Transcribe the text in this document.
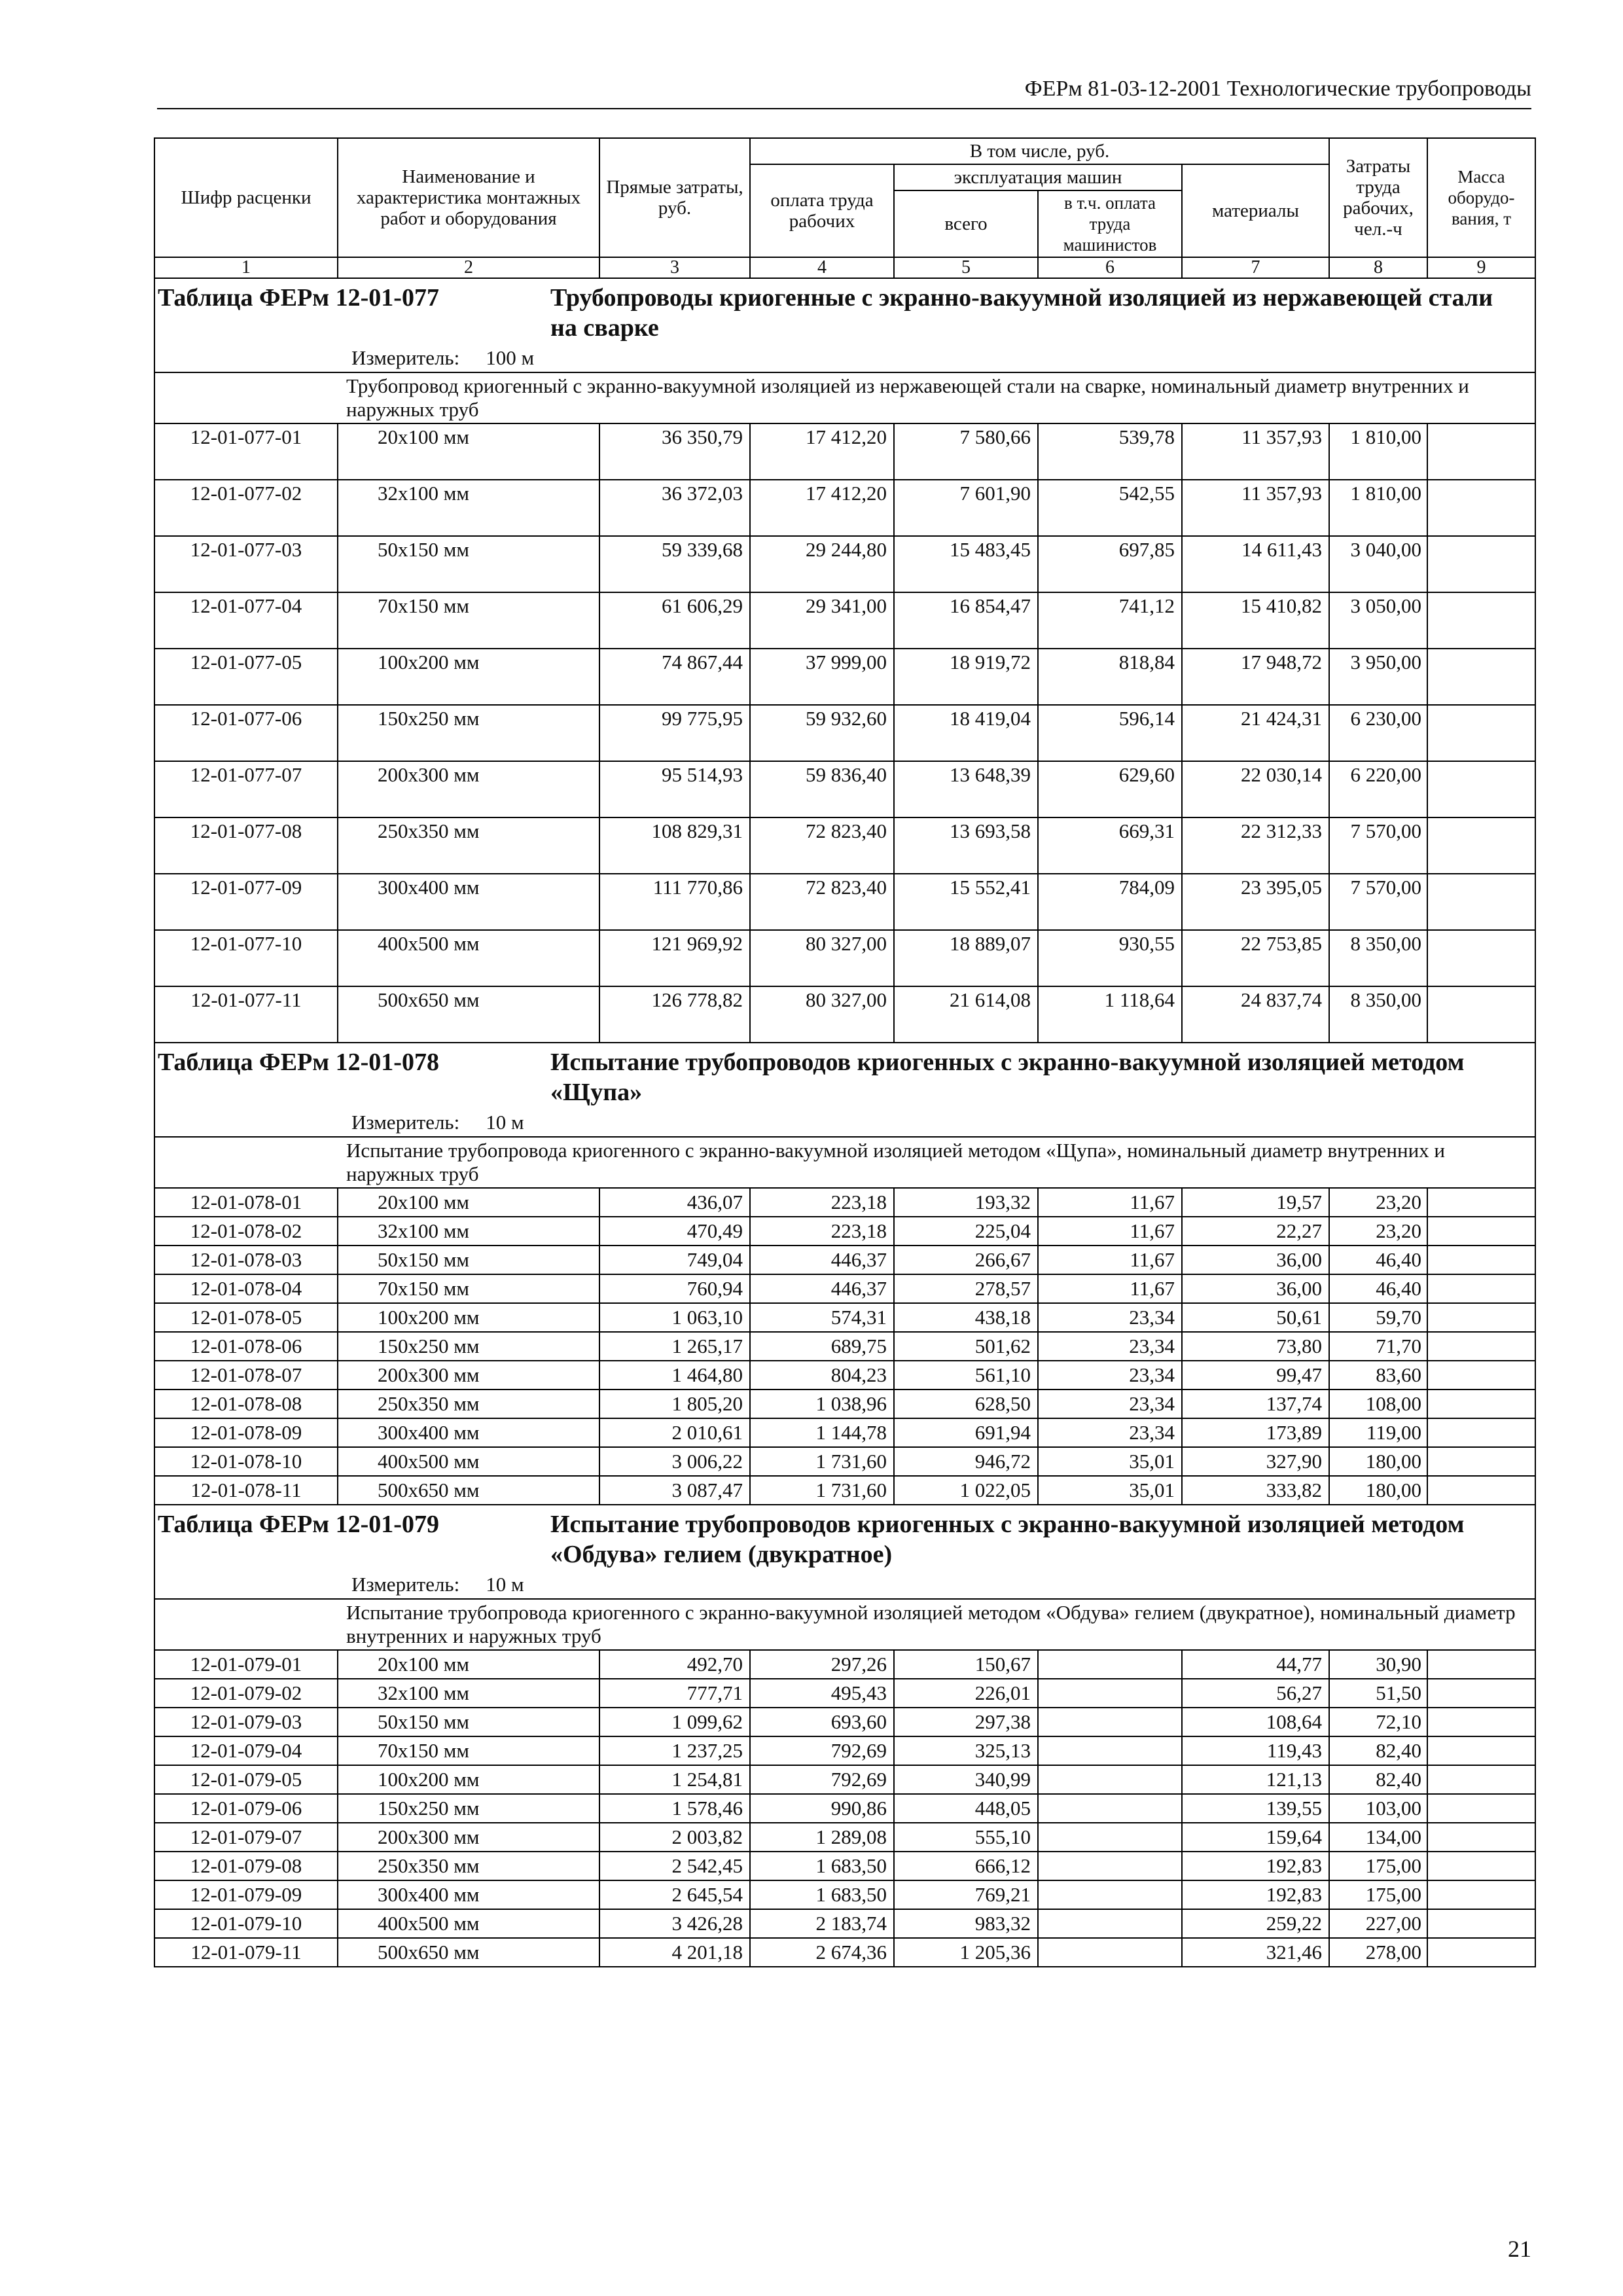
ФЕРм 81-03-12-2001 Технологические трубопроводы
Шифр расценки	Наименование и характеристика монтажных работ и оборудования	Прямые затраты, руб.	В том числе, руб.				Затраты труда рабочих, чел.-ч	Масса оборудо-вания, т
			оплата труда рабочих	эксплуатация машин		материалы		
				всего	в т.ч. оплата труда машинистов			
1	2	3	4	5	6	7	8	9

Таблица ФЕРм 12-01-077 Трубопроводы криогенные с экранно-вакуумной изоляцией из нержавеющей стали на сварке								

Измеритель: 100 м								

Трубопровод криогенный с экранно-вакуумной изоляцией из нержавеющей стали на сварке, номинальный диаметр внутренних и наружных труб								

12-01-077-01	20х100 мм	36 350,79	17 412,20	7 580,66	539,78	11 357,93	1 810,00	
12-01-077-02	32х100 мм	36 372,03	17 412,20	7 601,90	542,55	11 357,93	1 810,00	
12-01-077-03	50х150 мм	59 339,68	29 244,80	15 483,45	697,85	14 611,43	3 040,00	
12-01-077-04	70х150 мм	61 606,29	29 341,00	16 854,47	741,12	15 410,82	3 050,00	
12-01-077-05	100х200 мм	74 867,44	37 999,00	18 919,72	818,84	17 948,72	3 950,00	
12-01-077-06	150х250 мм	99 775,95	59 932,60	18 419,04	596,14	21 424,31	6 230,00	
12-01-077-07	200х300 мм	95 514,93	59 836,40	13 648,39	629,60	22 030,14	6 220,00	
12-01-077-08	250х350 мм	108 829,31	72 823,40	13 693,58	669,31	22 312,33	7 570,00	
12-01-077-09	300х400 мм	111 770,86	72 823,40	15 552,41	784,09	23 395,05	7 570,00	
12-01-077-10	400х500 мм	121 969,92	80 327,00	18 889,07	930,55	22 753,85	8 350,00	
12-01-077-11	500х650 мм	126 778,82	80 327,00	21 614,08	1 118,64	24 837,74	8 350,00	

Таблица ФЕРм 12-01-078 Испытание трубопроводов криогенных с экранно-вакуумной изоляцией методом «Щупа»								

Измеритель: 10 м								

Испытание трубопровода криогенного с экранно-вакуумной изоляцией методом «Щупа», номинальный диаметр внутренних и наружных труб								

12-01-078-01	20х100 мм	436,07	223,18	193,32	11,67	19,57	23,20	
12-01-078-02	32х100 мм	470,49	223,18	225,04	11,67	22,27	23,20	
12-01-078-03	50х150 мм	749,04	446,37	266,67	11,67	36,00	46,40	
12-01-078-04	70х150 мм	760,94	446,37	278,57	11,67	36,00	46,40	
12-01-078-05	100х200 мм	1 063,10	574,31	438,18	23,34	50,61	59,70	
12-01-078-06	150х250 мм	1 265,17	689,75	501,62	23,34	73,80	71,70	
12-01-078-07	200х300 мм	1 464,80	804,23	561,10	23,34	99,47	83,60	
12-01-078-08	250х350 мм	1 805,20	1 038,96	628,50	23,34	137,74	108,00	
12-01-078-09	300х400 мм	2 010,61	1 144,78	691,94	23,34	173,89	119,00	
12-01-078-10	400х500 мм	3 006,22	1 731,60	946,72	35,01	327,90	180,00	
12-01-078-11	500х650 мм	3 087,47	1 731,60	1 022,05	35,01	333,82	180,00	

Таблица ФЕРм 12-01-079 Испытание трубопроводов криогенных с экранно-вакуумной изоляцией методом «Обдува» гелием (двукратное)								

Измеритель: 10 м								

Испытание трубопровода криогенного с экранно-вакуумной изоляцией методом «Обдува» гелием (двукратное), номинальный диаметр внутренних и наружных труб								

12-01-079-01	20х100 мм	492,70	297,26	150,67		44,77	30,90	
12-01-079-02	32х100 мм	777,71	495,43	226,01		56,27	51,50	
12-01-079-03	50х150 мм	1 099,62	693,60	297,38		108,64	72,10	
12-01-079-04	70х150 мм	1 237,25	792,69	325,13		119,43	82,40	
12-01-079-05	100х200 мм	1 254,81	792,69	340,99		121,13	82,40	
12-01-079-06	150х250 мм	1 578,46	990,86	448,05		139,55	103,00	
12-01-079-07	200х300 мм	2 003,82	1 289,08	555,10		159,64	134,00	
12-01-079-08	250х350 мм	2 542,45	1 683,50	666,12		192,83	175,00	
12-01-079-09	300х400 мм	2 645,54	1 683,50	769,21		192,83	175,00	
12-01-079-10	400х500 мм	3 426,28	2 183,74	983,32		259,22	227,00	
12-01-079-11	500х650 мм	4 201,18	2 674,36	1 205,36		321,46	278,00	
21
